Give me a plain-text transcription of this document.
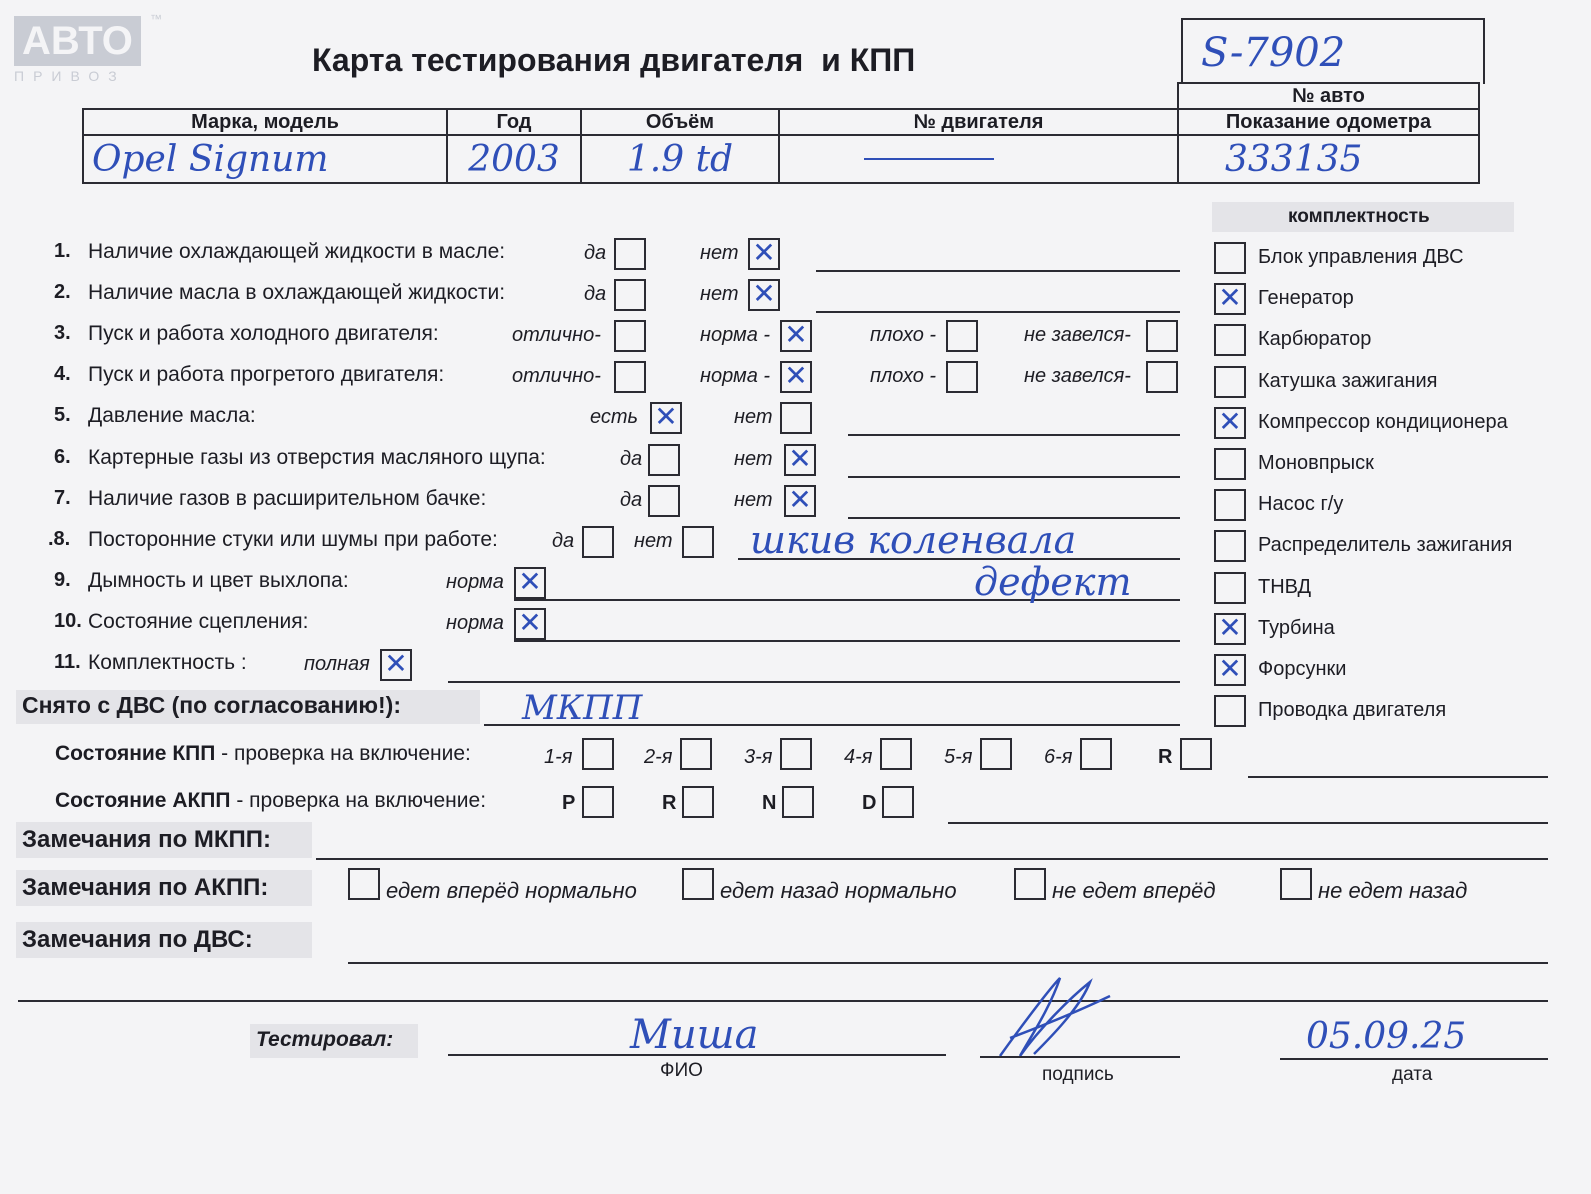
АВТО
ПРИВОЗ
™
Карта тестирования двигателя  и КПП	S-7902
				№ авто
Марка, модель	Год	Объём	№ двигателя	Показание одометра
Opel Signum	2003	1.9 td		333135
комплектность
Блок управления ДВС
✕ Генератор
Карбюратор
Катушка зажигания
✕ Компрессор кондиционера
Моновпрыск
Насос г/у
Распределитель зажигания
ТНВД
✕ Турбина
✕ Форсунки
Проводка двигателя
1. Наличие охлаждающей жидкости в масле:	да	нет ✕
2. Наличие масла в охлаждающей жидкости:	да	нет ✕
3. Пуск и работа холодного двигателя:	отлично-	норма - ✕	плохо -	не завелся-
4. Пуск и работа прогретого двигателя:	отлично-	норма - ✕	плохо -	не завелся-
5. Давление масла:	есть ✕	нет
6. Картерные газы из отверстия масляного щупа:	да	нет ✕
7. Наличие газов в расширительном бачке:	да	нет ✕
.8. Посторонние стуки или шумы при работе:	да	нет шкив коленвала
9. Дымность и цвет выхлопа:	норма ✕	дефект
10. Состояние сцепления:	норма ✕
11. Комплектность :	полная ✕
Снято с ДВС (по согласованию!):	МКПП
Состояние КПП - проверка на включение:	1-я	2-я	3-я	4-я	5-я	6-я	R
Состояние АКПП - проверка на включение:	P	R	N	D
Замечания по МКПП:
Замечания по АКПП:	едет вперёд нормально	едет назад нормально	не едет вперёд	не едет назад
Замечания по ДВС:
Тестировал:	Миша
ФИО	подпись
05.09.25
дата
